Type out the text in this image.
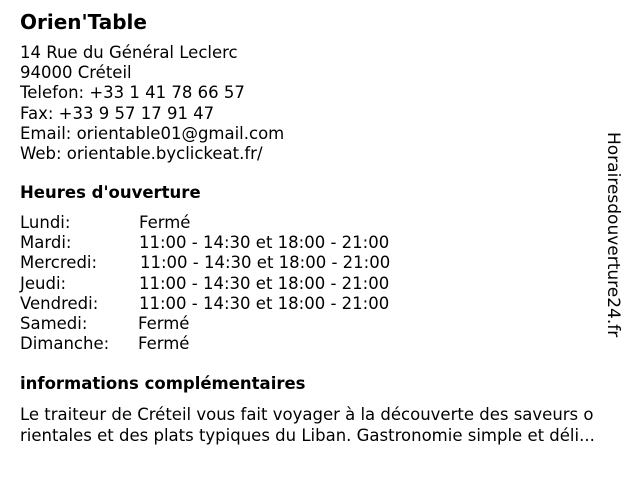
Orien'Table
14 Rue du Général Leclerc
94000 Créteil
Telefon: +33 1 41 78 66 57
Fax: +33 9 57 17 91 47
Email: orientable01@gmail.com
Web: orientable.byclickeat.fr/
Heures d'ouverture
Lundi:	Fermé
Mardi:	11:00 - 14:30 et 18:00 - 21:00
Mercredi:	11:00 - 14:30 et 18:00 - 21:00
Jeudi:	11:00 - 14:30 et 18:00 - 21:00
Vendredi: 11:00 - 14:30 et 18:00 - 21:00
Samedi:	Fermé
Dimanche: Fermé
informations complémentaires
Le traiteur de Créteil vous fait voyager à la découverte des saveurs o
rientales et des plats typiques du Liban. Gastronomie simple et déli...
Horairesdouverture24.fr
